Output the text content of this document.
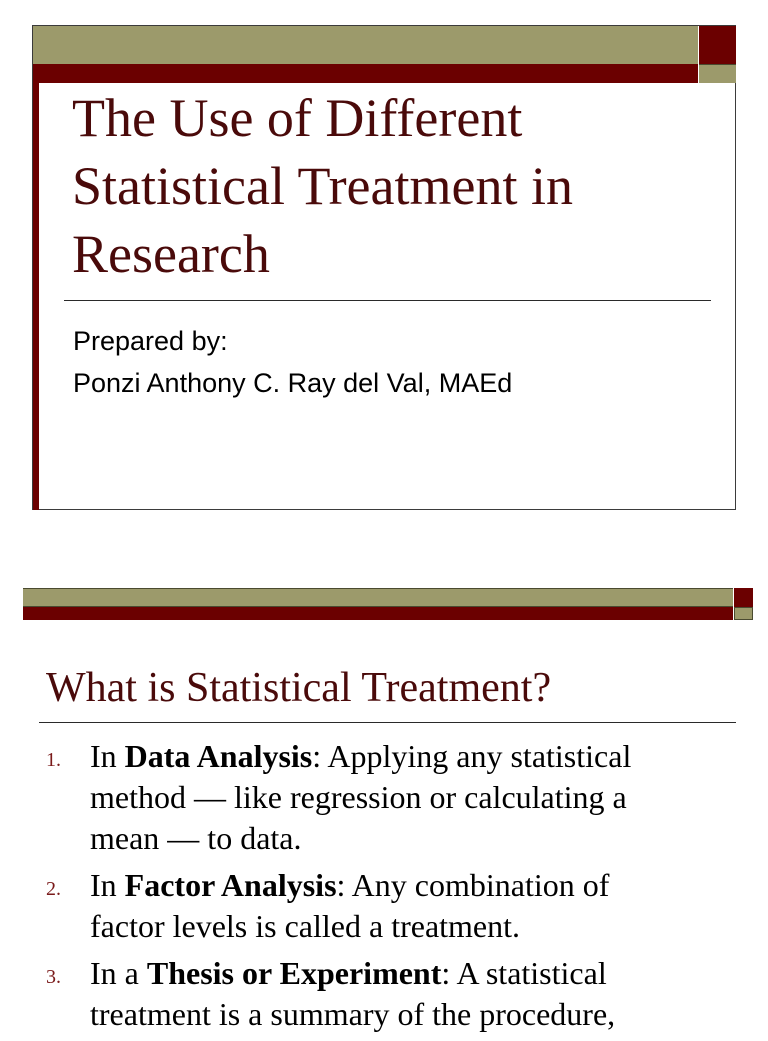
The Use of Different
Statistical Treatment in
Research
Prepared by:
Ponzi Anthony C. Ray del Val, MAEd
What is Statistical Treatment?
1. In Data Analysis: Applying any statistical
method — like regression or calculating a
mean — to data.
2. In Factor Analysis: Any combination of
factor levels is called a treatment.
3. In a Thesis or Experiment: A statistical
treatment is a summary of the procedure,
